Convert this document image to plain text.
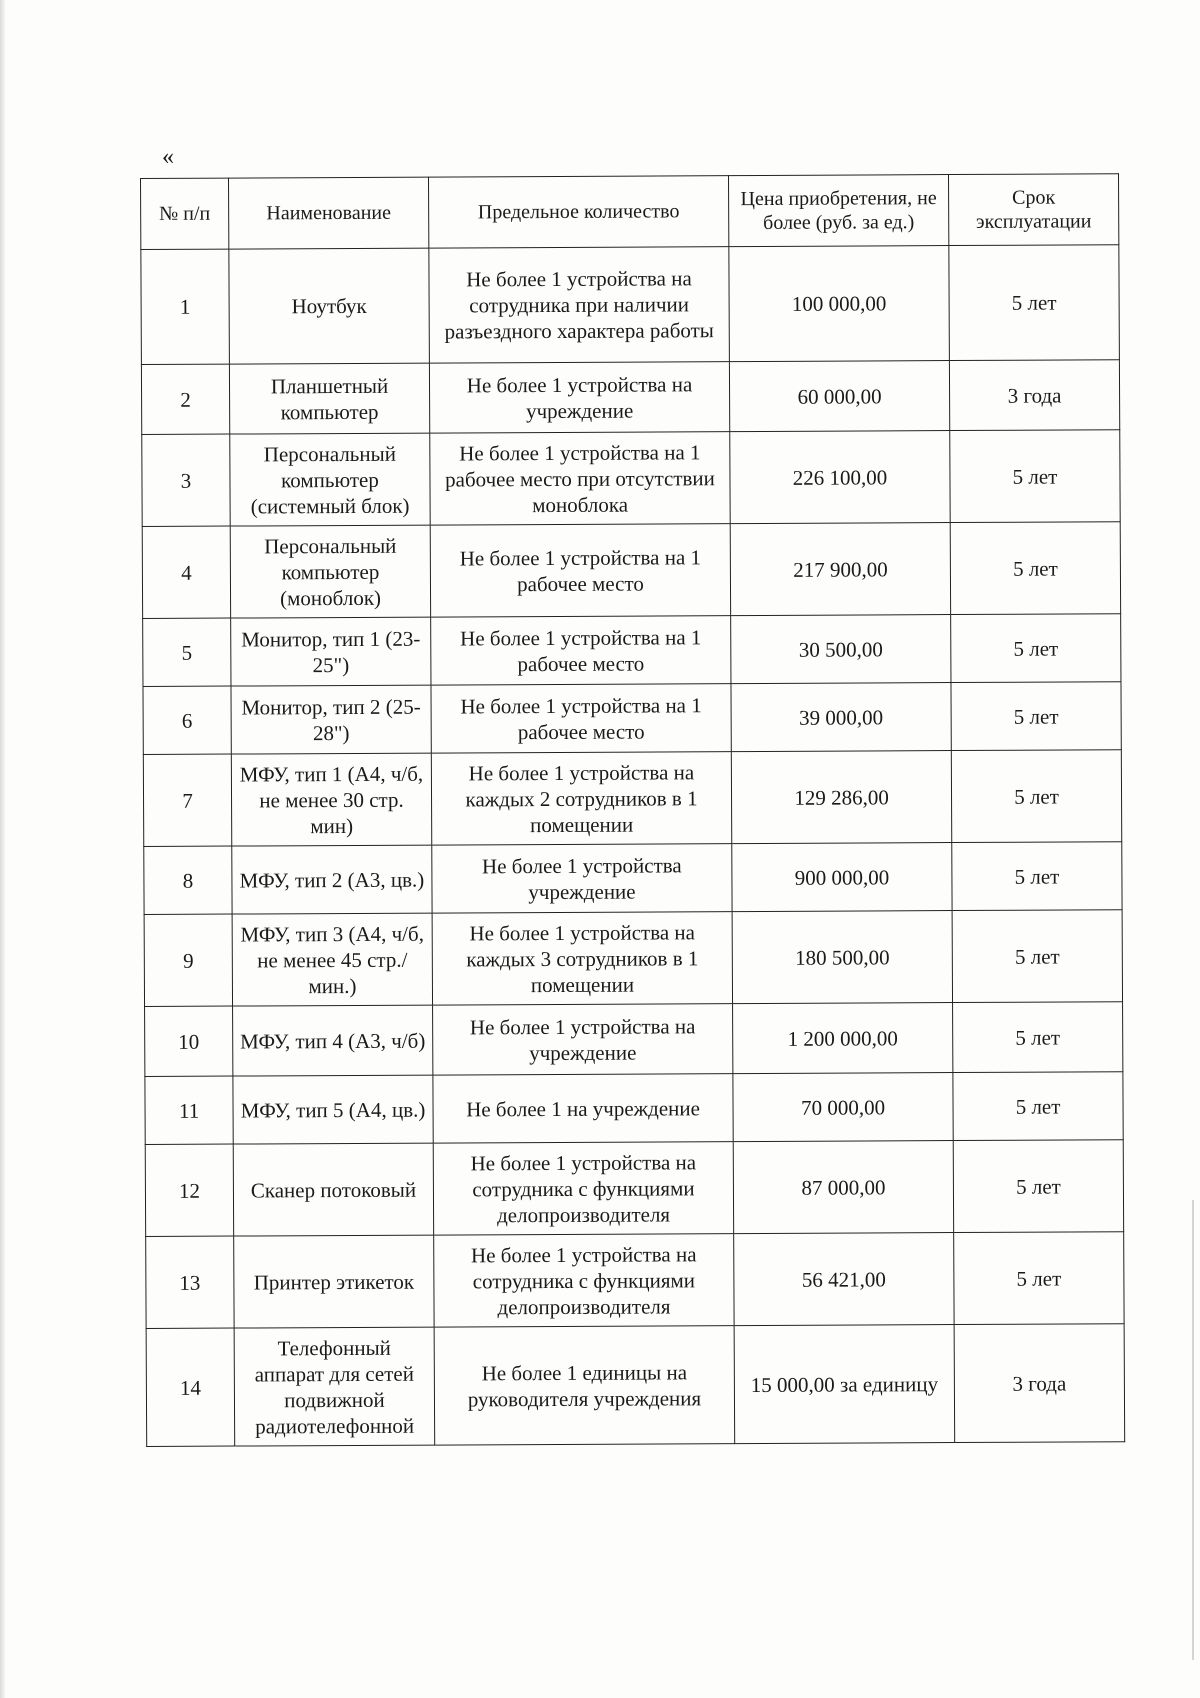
«
№ п/п	Наименование	Предельное количество	Цена приобретения, не более (руб. за ед.)	Срок эксплуатации
1	Ноутбук	Не более 1 устройства на сотрудника при наличии разъездного характера работы	100 000,00	5 лет
2	Планшетный компьютер	Не более 1 устройства на учреждение	60 000,00	3 года
3	Персональный компьютер (системный блок)	Не более 1 устройства на 1 рабочее место при отсутствии моноблока	226 100,00	5 лет
4	Персональный компьютер (моноблок)	Не более 1 устройства на 1 рабочее место	217 900,00	5 лет
5	Монитор, тип 1 (23-25")	Не более 1 устройства на 1 рабочее место	30 500,00	5 лет
6	Монитор, тип 2 (25-28")	Не более 1 устройства на 1 рабочее место	39 000,00	5 лет
7	МФУ, тип 1 (А4, ч/б, не менее 30 стр. мин)	Не более 1 устройства на каждых 2 сотрудников в 1 помещении	129 286,00	5 лет
8	МФУ, тип 2 (А3, цв.)	Не более 1 устройства учреждение	900 000,00	5 лет
9	МФУ, тип 3 (А4, ч/б, не менее 45 стр./мин.)	Не более 1 устройства на каждых 3 сотрудников в 1 помещении	180 500,00	5 лет
10	МФУ, тип 4 (А3, ч/б)	Не более 1 устройства на учреждение	1 200 000,00	5 лет
11	МФУ, тип 5 (А4, цв.)	Не более 1 на учреждение	70 000,00	5 лет
12	Сканер потоковый	Не более 1 устройства на сотрудника с функциями делопроизводителя	87 000,00	5 лет
13	Принтер этикеток	Не более 1 устройства на сотрудника с функциями делопроизводителя	56 421,00	5 лет
14	Телефонный аппарат для сетей подвижной радиотелефонной	Не более 1 единицы на руководителя учреждения	15 000,00 за единицу	3 года
